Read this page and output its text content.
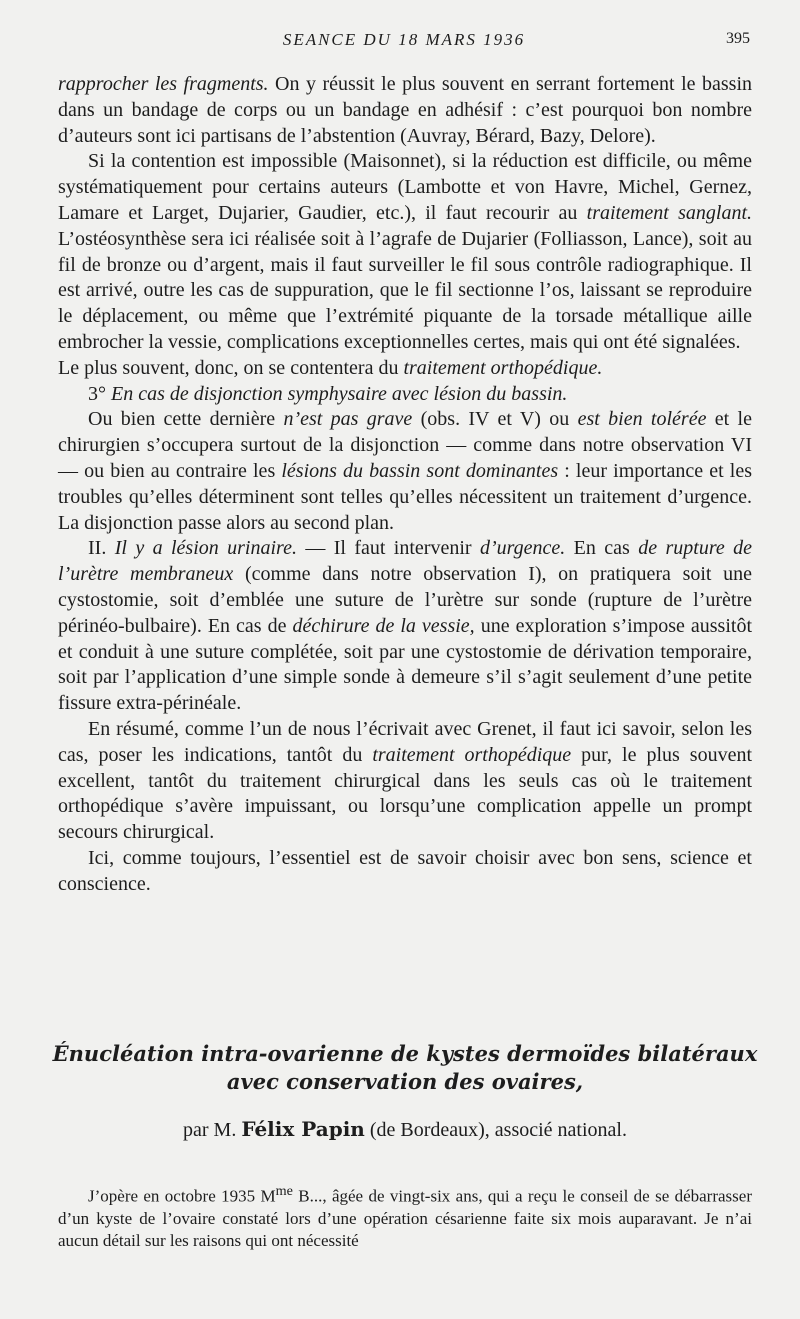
SEANCE DU 18 MARS 1936	395

rapprocher les fragments. On y réussit le plus souvent en serrant fortement le bassin dans un bandage de corps ou un bandage en adhésif : c’est pourquoi bon nombre d’auteurs sont ici partisans de l’abstention (Auvray, Bérard, Bazy, Delore).

Si la contention est impossible (Maisonnet), si la réduction est difficile, ou même systématiquement pour certains auteurs (Lambotte et von Havre, Michel, Gernez, Lamare et Larget, Dujarier, Gaudier, etc.), il faut recourir au traitement sanglant. L’ostéosynthèse sera ici réalisée soit à l’agrafe de Dujarier (Folliasson, Lance), soit au fil de bronze ou d’argent, mais il faut surveiller le fil sous contrôle radiographique. Il est arrivé, outre les cas de suppuration, que le fil sectionne l’os, laissant se reproduire le déplacement, ou même que l’extrémité piquante de la torsade métallique aille embrocher la vessie, complications exceptionnelles certes, mais qui ont été signalées.

Le plus souvent, donc, on se contentera du traitement orthopédique.

3° En cas de disjonction symphysaire avec lésion du bassin.

Ou bien cette dernière n’est pas grave (obs. IV et V) ou est bien tolérée et le chirurgien s’occupera surtout de la disjonction — comme dans notre observation VI — ou bien au contraire les lésions du bassin sont dominantes : leur importance et les troubles qu’elles déterminent sont telles qu’elles nécessitent un traitement d’urgence. La disjonction passe alors au second plan.

II. Il y a lésion urinaire. — Il faut intervenir d’urgence. En cas de rupture de l’urètre membraneux (comme dans notre observation I), on pratiquera soit une cystostomie, soit d’emblée une suture de l’urètre sur sonde (rupture de l’urètre périnéo-bulbaire). En cas de déchirure de la vessie, une exploration s’impose aussitôt et conduit à une suture complétée, soit par une cystostomie de dérivation temporaire, soit par l’application d’une simple sonde à demeure s’il s’agit seulement d’une petite fissure extra-périnéale.

En résumé, comme l’un de nous l’écrivait avec Grenet, il faut ici savoir, selon les cas, poser les indications, tantôt du traitement orthopédique pur, le plus souvent excellent, tantôt du traitement chirurgical dans les seuls cas où le traitement orthopédique s’avère impuissant, ou lorsqu’une complication appelle un prompt secours chirurgical.

Ici, comme toujours, l’essentiel est de savoir choisir avec bon sens, science et conscience.

Énucléation intra-ovarienne de kystes dermoïdes bilatéraux
avec conservation des ovaires,
par M. Félix Papin (de Bordeaux), associé national.

J’opère en octobre 1935 $M^{me}$ B..., âgée de vingt-six ans, qui a reçu le conseil de se débarrasser d’un kyste de l’ovaire constaté lors d’une opération césarienne faite six mois auparavant. Je n’ai aucun détail sur les raisons qui ont nécessité
